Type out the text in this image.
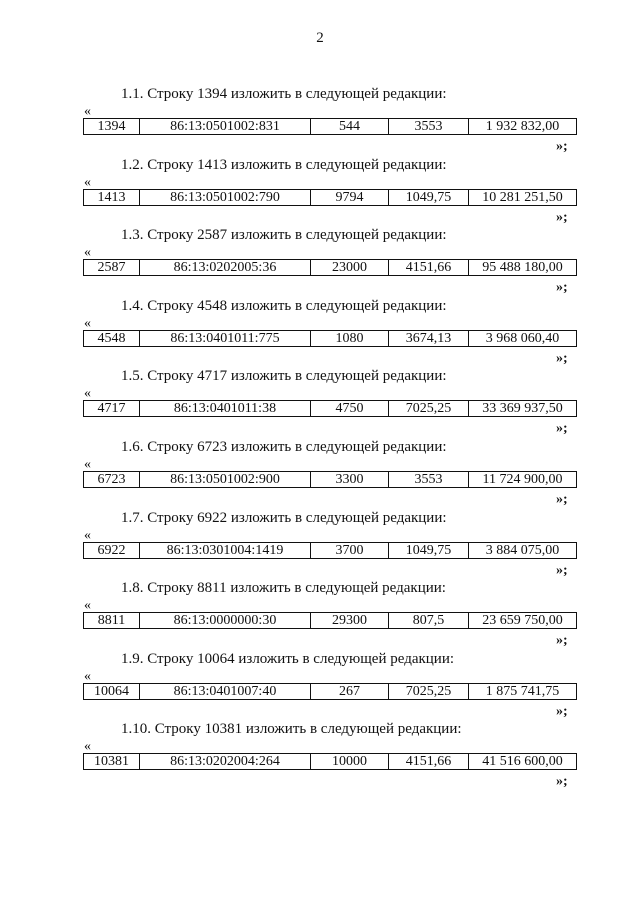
2
1.1. Строку 1394 изложить в следующей редакции:
«
1394	86:13:0501002:831	544	3553	1 932 832,00
»;
1.2. Строку 1413 изложить в следующей редакции:
«
1413	86:13:0501002:790	9794	1049,75	10 281 251,50
»;
1.3. Строку 2587 изложить в следующей редакции:
«
2587	86:13:0202005:36	23000	4151,66	95 488 180,00
»;
1.4. Строку 4548 изложить в следующей редакции:
«
4548	86:13:0401011:775	1080	3674,13	3 968 060,40
»;
1.5. Строку 4717 изложить в следующей редакции:
«
4717	86:13:0401011:38	4750	7025,25	33 369 937,50
»;
1.6. Строку 6723 изложить в следующей редакции:
«
6723	86:13:0501002:900	3300	3553	11 724 900,00
»;
1.7. Строку 6922 изложить в следующей редакции:
«
6922	86:13:0301004:1419	3700	1049,75	3 884 075,00
»;
1.8. Строку 8811 изложить в следующей редакции:
«
8811	86:13:0000000:30	29300	807,5	23 659 750,00
»;
1.9. Строку 10064 изложить в следующей редакции:
«
10064	86:13:0401007:40	267	7025,25	1 875 741,75
»;
1.10. Строку 10381 изложить в следующей редакции:
«
10381	86:13:0202004:264	10000	4151,66	41 516 600,00
»;
